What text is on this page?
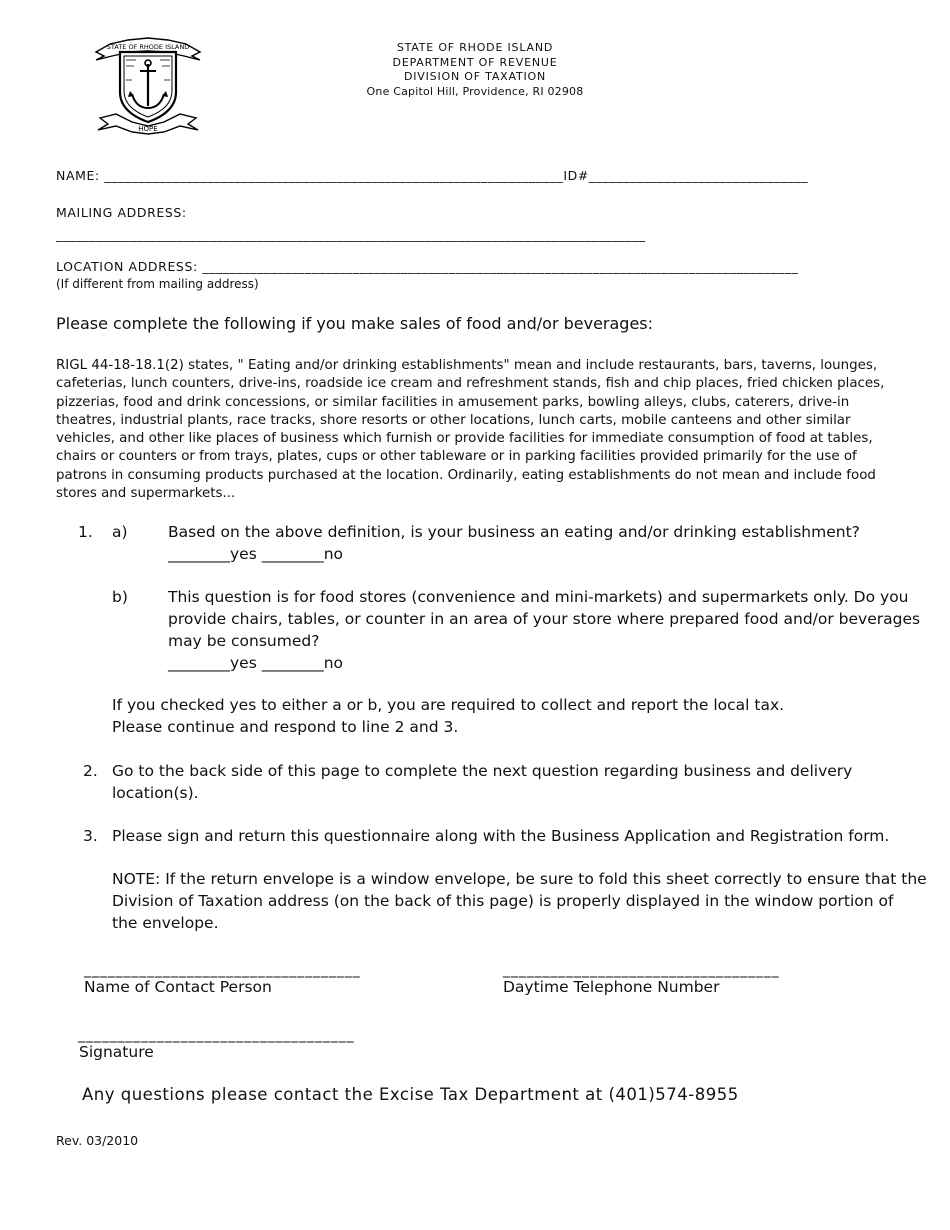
STATE OF RHODE ISLAND
HOPE
STATE OF RHODE ISLAND
DEPARTMENT OF REVENUE
DIVISION OF TAXATION
One Capitol Hill, Providence, RI 02908
NAME: ___________________________________________________________________ID#________________________________
MAILING ADDRESS:
________________________________________________________________________________________
LOCATION ADDRESS: _______________________________________________________________________________________
(If different from mailing address)
Please complete the following if you make sales of food and/or beverages:
RIGL 44-18-18.1(2) states, " Eating and/or drinking establishments" mean and include restaurants, bars, taverns, lounges,
cafeterias, lunch counters, drive-ins, roadside ice cream and refreshment stands, fish and chip places, fried chicken places,
pizzerias, food and drink concessions, or similar facilities in amusement parks, bowling alleys, clubs, caterers, drive-in
theatres, industrial plants, race tracks, shore resorts or other locations, lunch carts, mobile canteens and other similar
vehicles, and other like places of business which furnish or provide facilities for immediate consumption of food at tables,
chairs or counters or from trays, plates, cups or other tableware or in parking facilities provided primarily for the use of
patrons in consuming products purchased at the location. Ordinarily, eating establishments do not mean and include food
stores and supermarkets...
1. a)	Based on the above definition, is your business an eating and/or drinking establishment?
________yes ________no
b)	This question is for food stores (convenience and mini-markets) and supermarkets only. Do you
provide chairs, tables, or counter in an area of your store where prepared food and/or beverages
may be consumed?
________yes ________no
If you checked yes to either a or b, you are required to collect and report the local tax.
Please continue and respond to line 2 and 3.
2. Go to the back side of this page to complete the next question regarding business and delivery
location(s).
3. Please sign and return this questionnaire along with the Business Application and Registration form.
NOTE: If the return envelope is a window envelope, be sure to fold this sheet correctly to ensure that the
Division of Taxation address (on the back of this page) is properly displayed in the window portion of
the envelope.
___________________________________
Name of Contact Person
___________________________________
Daytime Telephone Number
___________________________________
Signature
Any questions please contact the Excise Tax Department at (401)574-8955
Rev. 03/2010
